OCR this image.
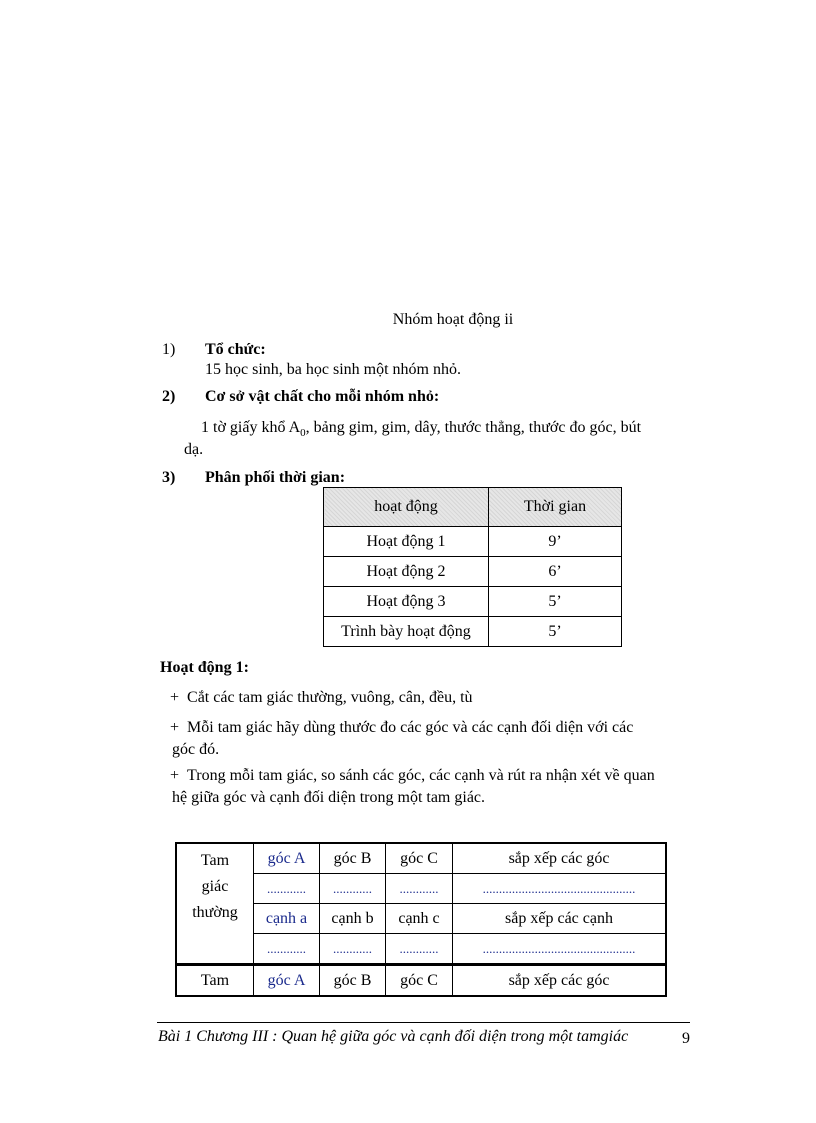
Nhóm hoạt động ii
1) Tổ chức:
15 học sinh, ba học sinh một nhóm nhỏ.
2) Cơ sở vật chất cho mỗi nhóm nhỏ:
1 tờ giấy khổ $A_0$, bảng gim, gim, dây, thước thẳng, thước đo góc, bút
dạ.
3) Phân phối thời gian:
hoạt động	Thời gian
Hoạt động 1	9’
Hoạt động 2	6’
Hoạt động 3	5’
Trình bày hoạt động	5’
Hoạt động 1:
+ Cắt các tam giác thường, vuông, cân, đều, tù
+ Mỗi tam giác hãy dùng thước đo các góc và các cạnh đối diện với các
góc đó.
+ Trong mỗi tam giác, so sánh các góc, các cạnh và rút ra nhận xét về quan
hệ giữa góc và cạnh đối diện trong một tam giác.
Tam
giác
thường	góc A	góc B	góc C	sắp xếp các góc
	............	............	............	...............................................
	cạnh a	cạnh b	cạnh c	sắp xếp các cạnh
	............	............	............	...............................................
Tam	góc A	góc B	góc C	sắp xếp các góc
Bài 1 Chương III : Quan hệ giữa góc và cạnh đối diện trong một tamgiác	9
